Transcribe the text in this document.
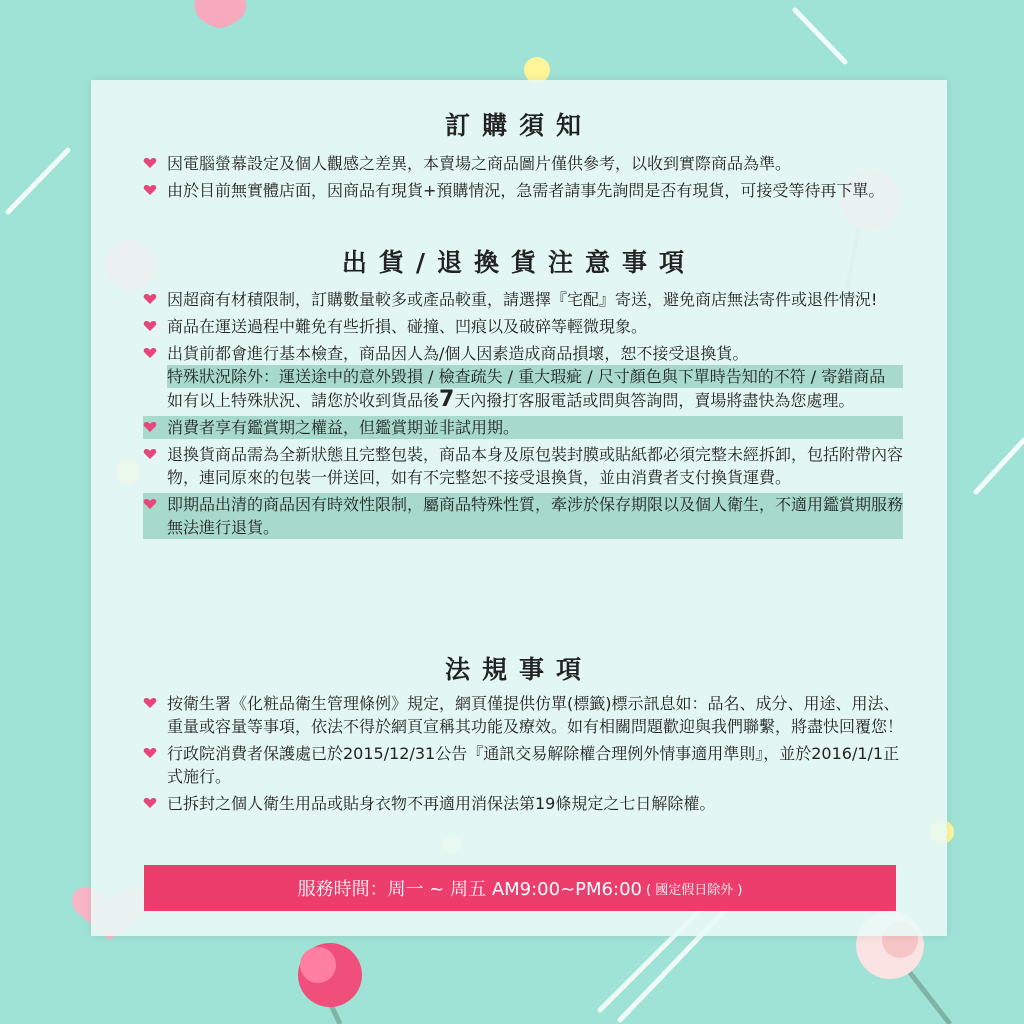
訂購須知
因電腦螢幕設定及個人觀感之差異，本賣場之商品圖片僅供參考，以收到實際商品為準。
由於目前無實體店面，因商品有現貨+預購情況，急需者請事先詢問是否有現貨，可接受等待再下單。
出貨/退換貨注意事項
因超商有材積限制，訂購數量較多或產品較重，請選擇『宅配』寄送，避免商店無法寄件或退件情況!
商品在運送過程中難免有些折損、碰撞、凹痕以及破碎等輕微現象。
出貨前都會進行基本檢查，商品因人為/個人因素造成商品損壞，恕不接受退換貨。
特殊狀況除外：運送途中的意外毀損 / 檢查疏失 / 重大瑕疵 / 尺寸顏色與下單時告知的不符 / 寄錯商品
如有以上特殊狀況、請您於收到貨品後7天內撥打客服電話或問與答詢問，賣場將盡快為您處理。
消費者享有鑑賞期之權益，但鑑賞期並非試用期。
退換貨商品需為全新狀態且完整包裝，商品本身及原包裝封膜或貼紙都必須完整未經拆卸，包括附帶內容物，連同原來的包裝一併送回，如有不完整恕不接受退換貨，並由消費者支付換貨運費。
即期品出清的商品因有時效性限制，屬商品特殊性質，牽涉於保存期限以及個人衛生，不適用鑑賞期服務無法進行退貨。
法規事項
按衛生署《化粧品衛生管理條例》規定，網頁僅提供仿單(標籤)標示訊息如：品名、成分、用途、用法、重量或容量等事項，依法不得於網頁宣稱其功能及療效。如有相關問題歡迎與我們聯繫，將盡快回覆您！
行政院消費者保護處已於2015/12/31公告『通訊交易解除權合理例外情事適用準則』，並於2016/1/1正式施行。
已拆封之個人衛生用品或貼身衣物不再適用消保法第19條規定之七日解除權。
服務時間：周一 ~ 周五 AM9:00~PM6:00 ( 國定假日除外 )
